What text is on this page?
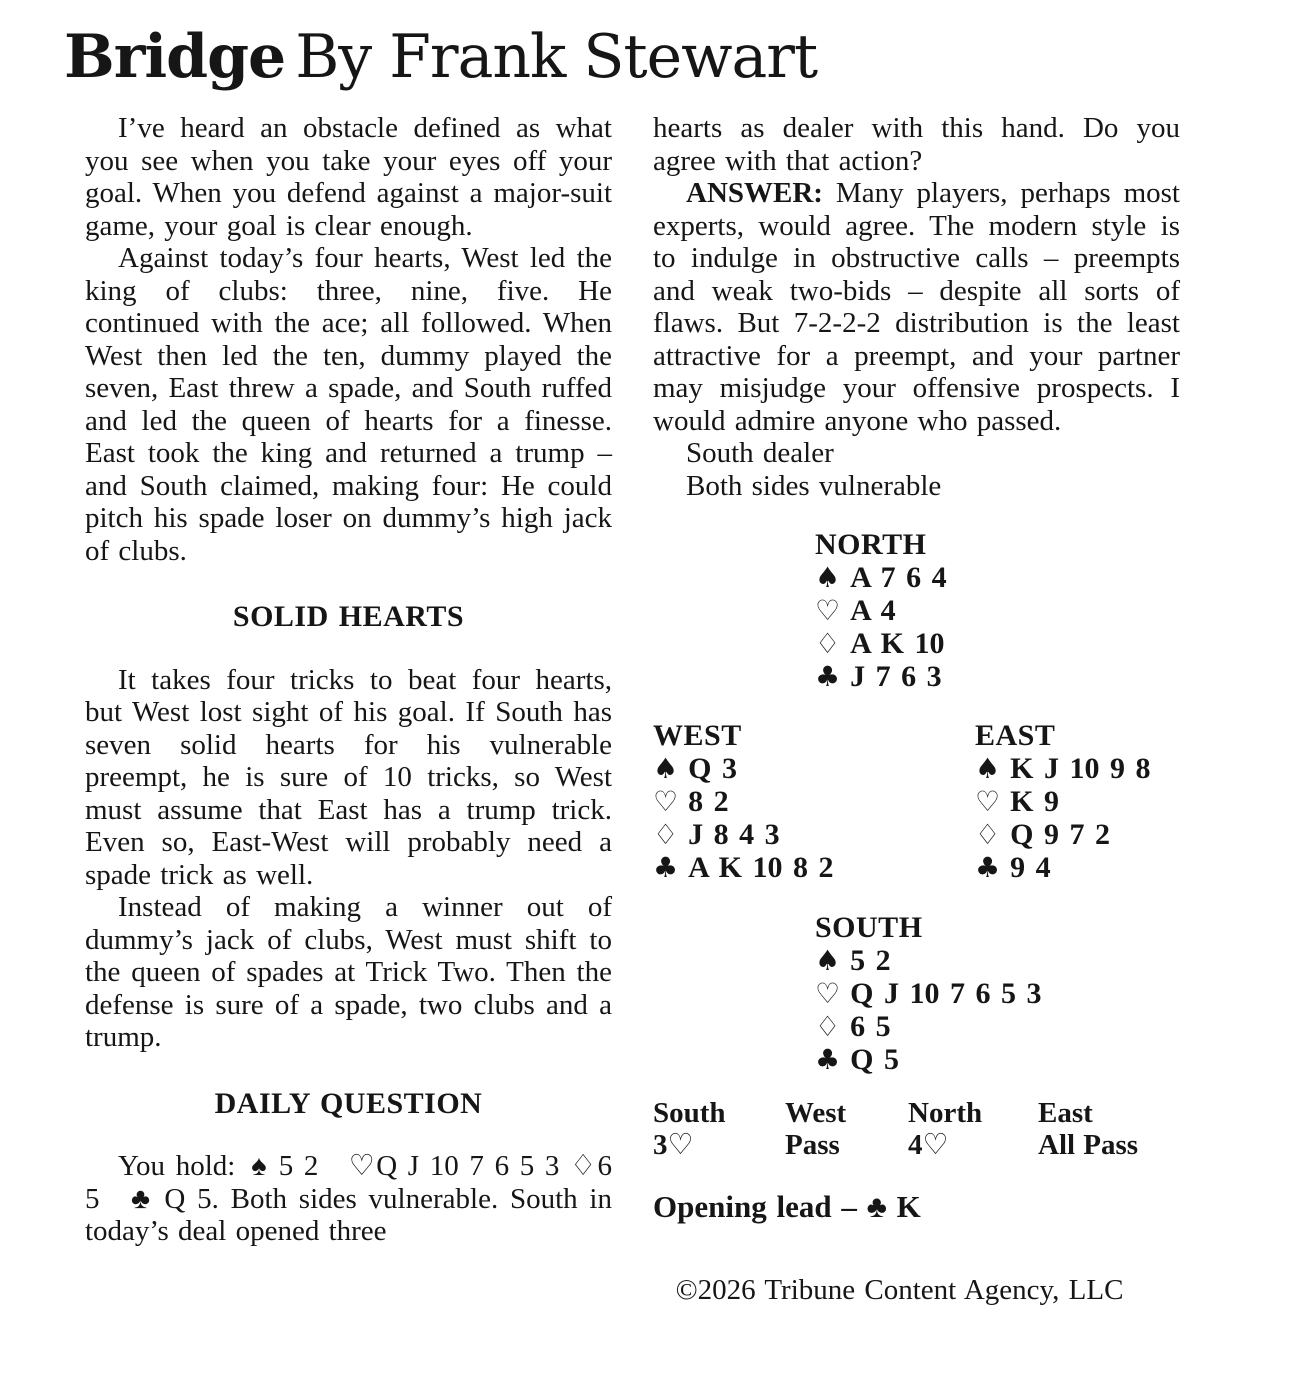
Bridge By Frank Stewart

I’ve heard an obstacle defined as what you see when you take your eyes off your goal. When you defend against a major-suit game, your goal is clear enough.

Against today’s four hearts, West led the king of clubs: three, nine, five. He continued with the ace; all followed. When West then led the ten, dummy played the seven, East threw a spade, and South ruffed and led the queen of hearts for a finesse. East took the king and returned a trump – and South claimed, making four: He could pitch his spade loser on dummy’s high jack of clubs.

SOLID HEARTS

It takes four tricks to beat four hearts, but West lost sight of his goal. If South has seven solid hearts for his vulnerable preempt, he is sure of 10 tricks, so West must assume that East has a trump trick. Even so, East-West will probably need a spade trick as well.

Instead of making a winner out of dummy’s jack of clubs, West must shift to the queen of spades at Trick Two. Then the defense is sure of a spade, two clubs and a trump.

DAILY QUESTION

You hold: ♠ 5 2  ♡Q J 10 7 6 5 3 ♢6 5  ♣ Q 5. Both sides vulnerable. South in today’s deal opened three

hearts as dealer with this hand. Do you agree with that action?

ANSWER: Many players, perhaps most experts, would agree. The modern style is to indulge in obstructive calls – preempts and weak two-bids – despite all sorts of flaws. But 7-2-2-2 distribution is the least attractive for a preempt, and your partner may misjudge your offensive prospects. I would admire anyone who passed.

South dealer
Both sides vulnerable
NORTH
♠ A 7 6 4
♡ A 4
♢ A K 10
♣ J 7 6 3
WEST
♠ Q 3
♡ 8 2
♢ J 8 4 3
♣ A K 10 8 2
EAST
♠ K J 10 9 8
♡ K 9
♢ Q 9 7 2
♣ 9 4
SOUTH
♠ 5 2
♡ Q J 10 7 6 5 3
♢ 6 5
♣ Q 5
South	West	North	East
3♡	Pass	4♡	All Pass
Opening lead – ♣ K
©2026 Tribune Content Agency, LLC
